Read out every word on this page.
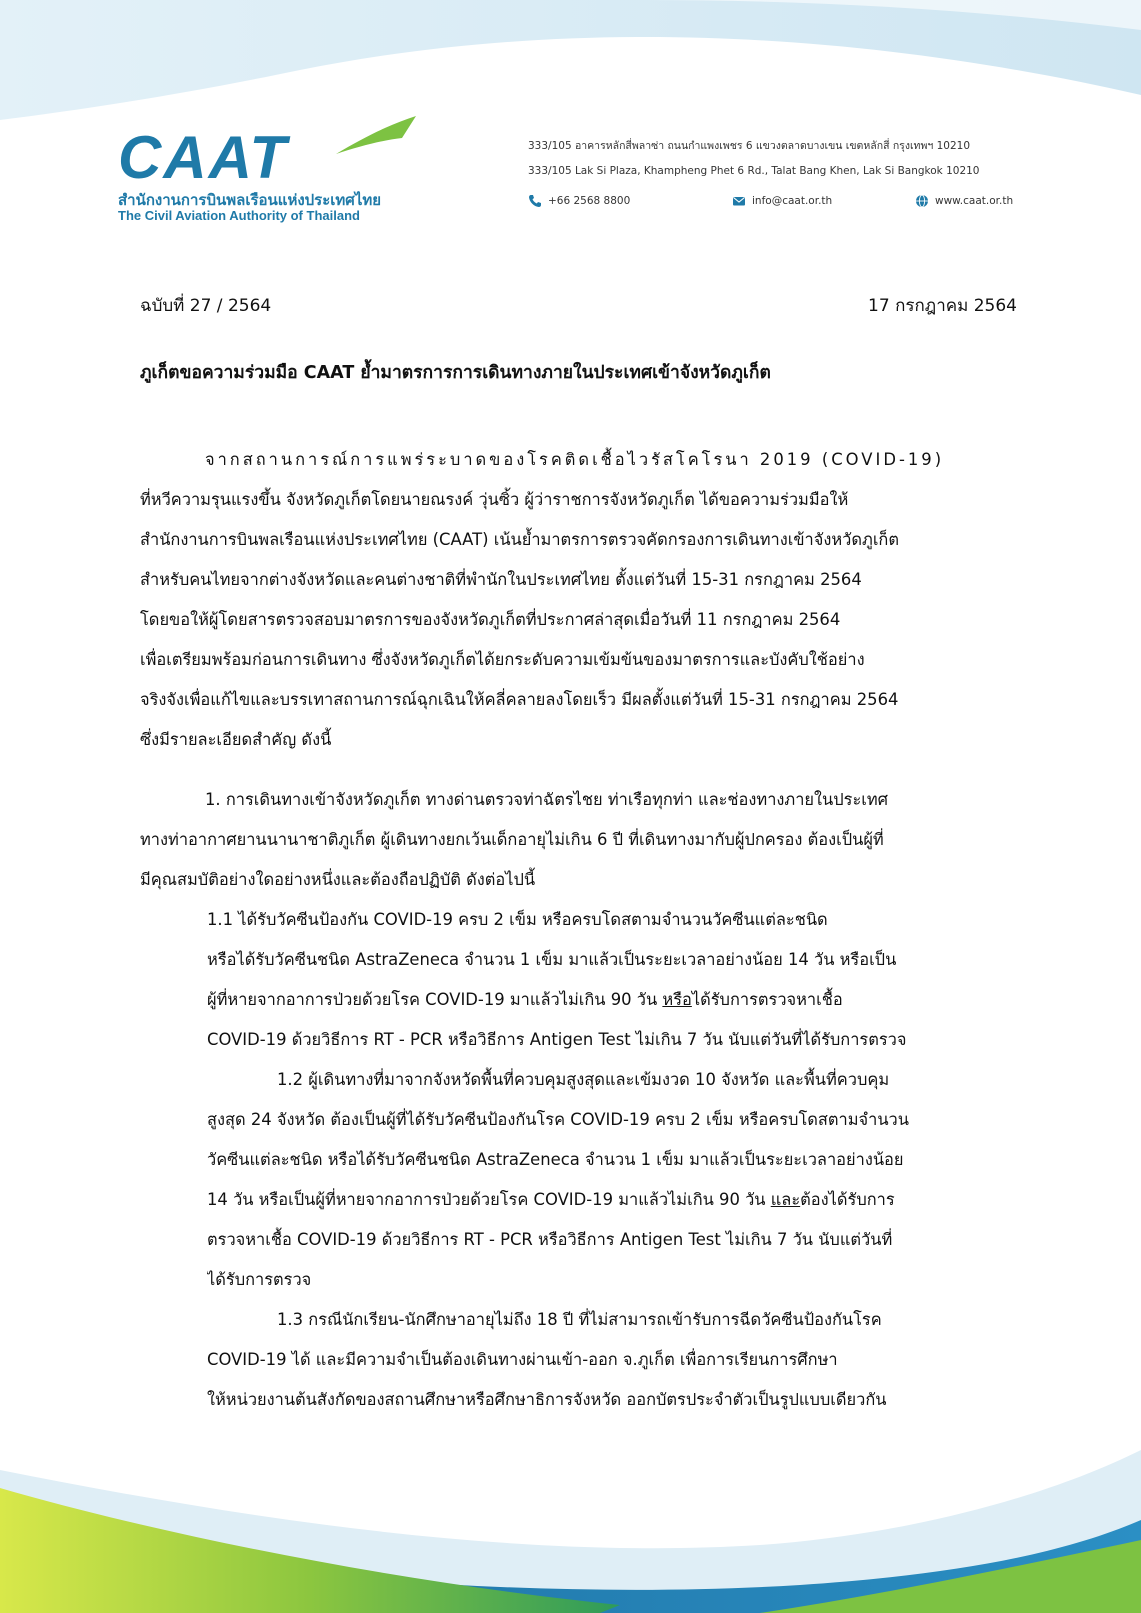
CAAT
สำนักงานการบินพลเรือนแห่งประเทศไทย
The Civil Aviation Authority of Thailand
333/105 อาคารหลักสี่พลาซ่า ถนนกำแพงเพชร 6 แขวงตลาดบางเขน เขตหลักสี่ กรุงเทพฯ 10210
333/105 Lak Si Plaza, Khampheng Phet 6 Rd., Talat Bang Khen, Lak Si Bangkok 10210
+66 2568 8800	info@caat.or.th	www.caat.or.th
ฉบับที่ 27 / 2564	17 กรกฎาคม 2564
ภูเก็ตขอความร่วมมือ CAAT ย้ำมาตรการการเดินทางภายในประเทศเข้าจังหวัดภูเก็ต
จากสถานการณ์การแพร่ระบาดของโรคติดเชื้อไวรัสโคโรนา 2019 (COVID-19)
ที่หวีความรุนแรงขึ้น จังหวัดภูเก็ตโดยนายณรงค์ วุ่นซิ้ว ผู้ว่าราชการจังหวัดภูเก็ต ได้ขอความร่วมมือให้
สำนักงานการบินพลเรือนแห่งประเทศไทย (CAAT) เน้นย้ำมาตรการตรวจคัดกรองการเดินทางเข้าจังหวัดภูเก็ต
สำหรับคนไทยจากต่างจังหวัดและคนต่างชาติที่พำนักในประเทศไทย ตั้งแต่วันที่ 15-31 กรกฎาคม 2564
โดยขอให้ผู้โดยสารตรวจสอบมาตรการของจังหวัดภูเก็ตที่ประกาศล่าสุดเมื่อวันที่ 11 กรกฎาคม 2564
เพื่อเตรียมพร้อมก่อนการเดินทาง ซึ่งจังหวัดภูเก็ตได้ยกระดับความเข้มข้นของมาตรการและบังคับใช้อย่าง
จริงจังเพื่อแก้ไขและบรรเทาสถานการณ์ฉุกเฉินให้คลี่คลายลงโดยเร็ว มีผลตั้งแต่วันที่ 15-31 กรกฎาคม 2564
ซึ่งมีรายละเอียดสำคัญ ดังนี้
1. การเดินทางเข้าจังหวัดภูเก็ต ทางด่านตรวจท่าฉัตรไชย ท่าเรือทุกท่า และช่องทางภายในประเทศ
ทางท่าอากาศยานนานาชาติภูเก็ต ผู้เดินทางยกเว้นเด็กอายุไม่เกิน 6 ปี ที่เดินทางมากับผู้ปกครอง ต้องเป็นผู้ที่
มีคุณสมบัติอย่างใดอย่างหนึ่งและต้องถือปฏิบัติ ดังต่อไปนี้
1.1 ได้รับวัคซีนป้องกัน COVID-19 ครบ 2 เข็ม หรือครบโดสตามจำนวนวัคซีนแต่ละชนิด
หรือได้รับวัคซีนชนิด AstraZeneca จำนวน 1 เข็ม มาแล้วเป็นระยะเวลาอย่างน้อย 14 วัน หรือเป็น
ผู้ที่หายจากอาการป่วยด้วยโรค COVID-19 มาแล้วไม่เกิน 90 วัน หรือได้รับการตรวจหาเชื้อ
COVID-19 ด้วยวิธีการ RT - PCR หรือวิธีการ Antigen Test ไม่เกิน 7 วัน นับแต่วันที่ได้รับการตรวจ
1.2 ผู้เดินทางที่มาจากจังหวัดพื้นที่ควบคุมสูงสุดและเข้มงวด 10 จังหวัด และพื้นที่ควบคุม
สูงสุด 24 จังหวัด ต้องเป็นผู้ที่ได้รับวัคซีนป้องกันโรค COVID-19 ครบ 2 เข็ม หรือครบโดสตามจำนวน
วัคซีนแต่ละชนิด หรือได้รับวัคซีนชนิด AstraZeneca จำนวน 1 เข็ม มาแล้วเป็นระยะเวลาอย่างน้อย
14 วัน หรือเป็นผู้ที่หายจากอาการป่วยด้วยโรค COVID-19 มาแล้วไม่เกิน 90 วัน และต้องได้รับการ
ตรวจหาเชื้อ COVID-19 ด้วยวิธีการ RT - PCR หรือวิธีการ Antigen Test ไม่เกิน 7 วัน นับแต่วันที่
ได้รับการตรวจ
1.3 กรณีนักเรียน-นักศึกษาอายุไม่ถึง 18 ปี ที่ไม่สามารถเข้ารับการฉีดวัคซีนป้องกันโรค
COVID-19 ได้ และมีความจำเป็นต้องเดินทางผ่านเข้า-ออก จ.ภูเก็ต เพื่อการเรียนการศึกษา
ให้หน่วยงานต้นสังกัดของสถานศึกษาหรือศึกษาธิการจังหวัด ออกบัตรประจำตัวเป็นรูปแบบเดียวกัน
